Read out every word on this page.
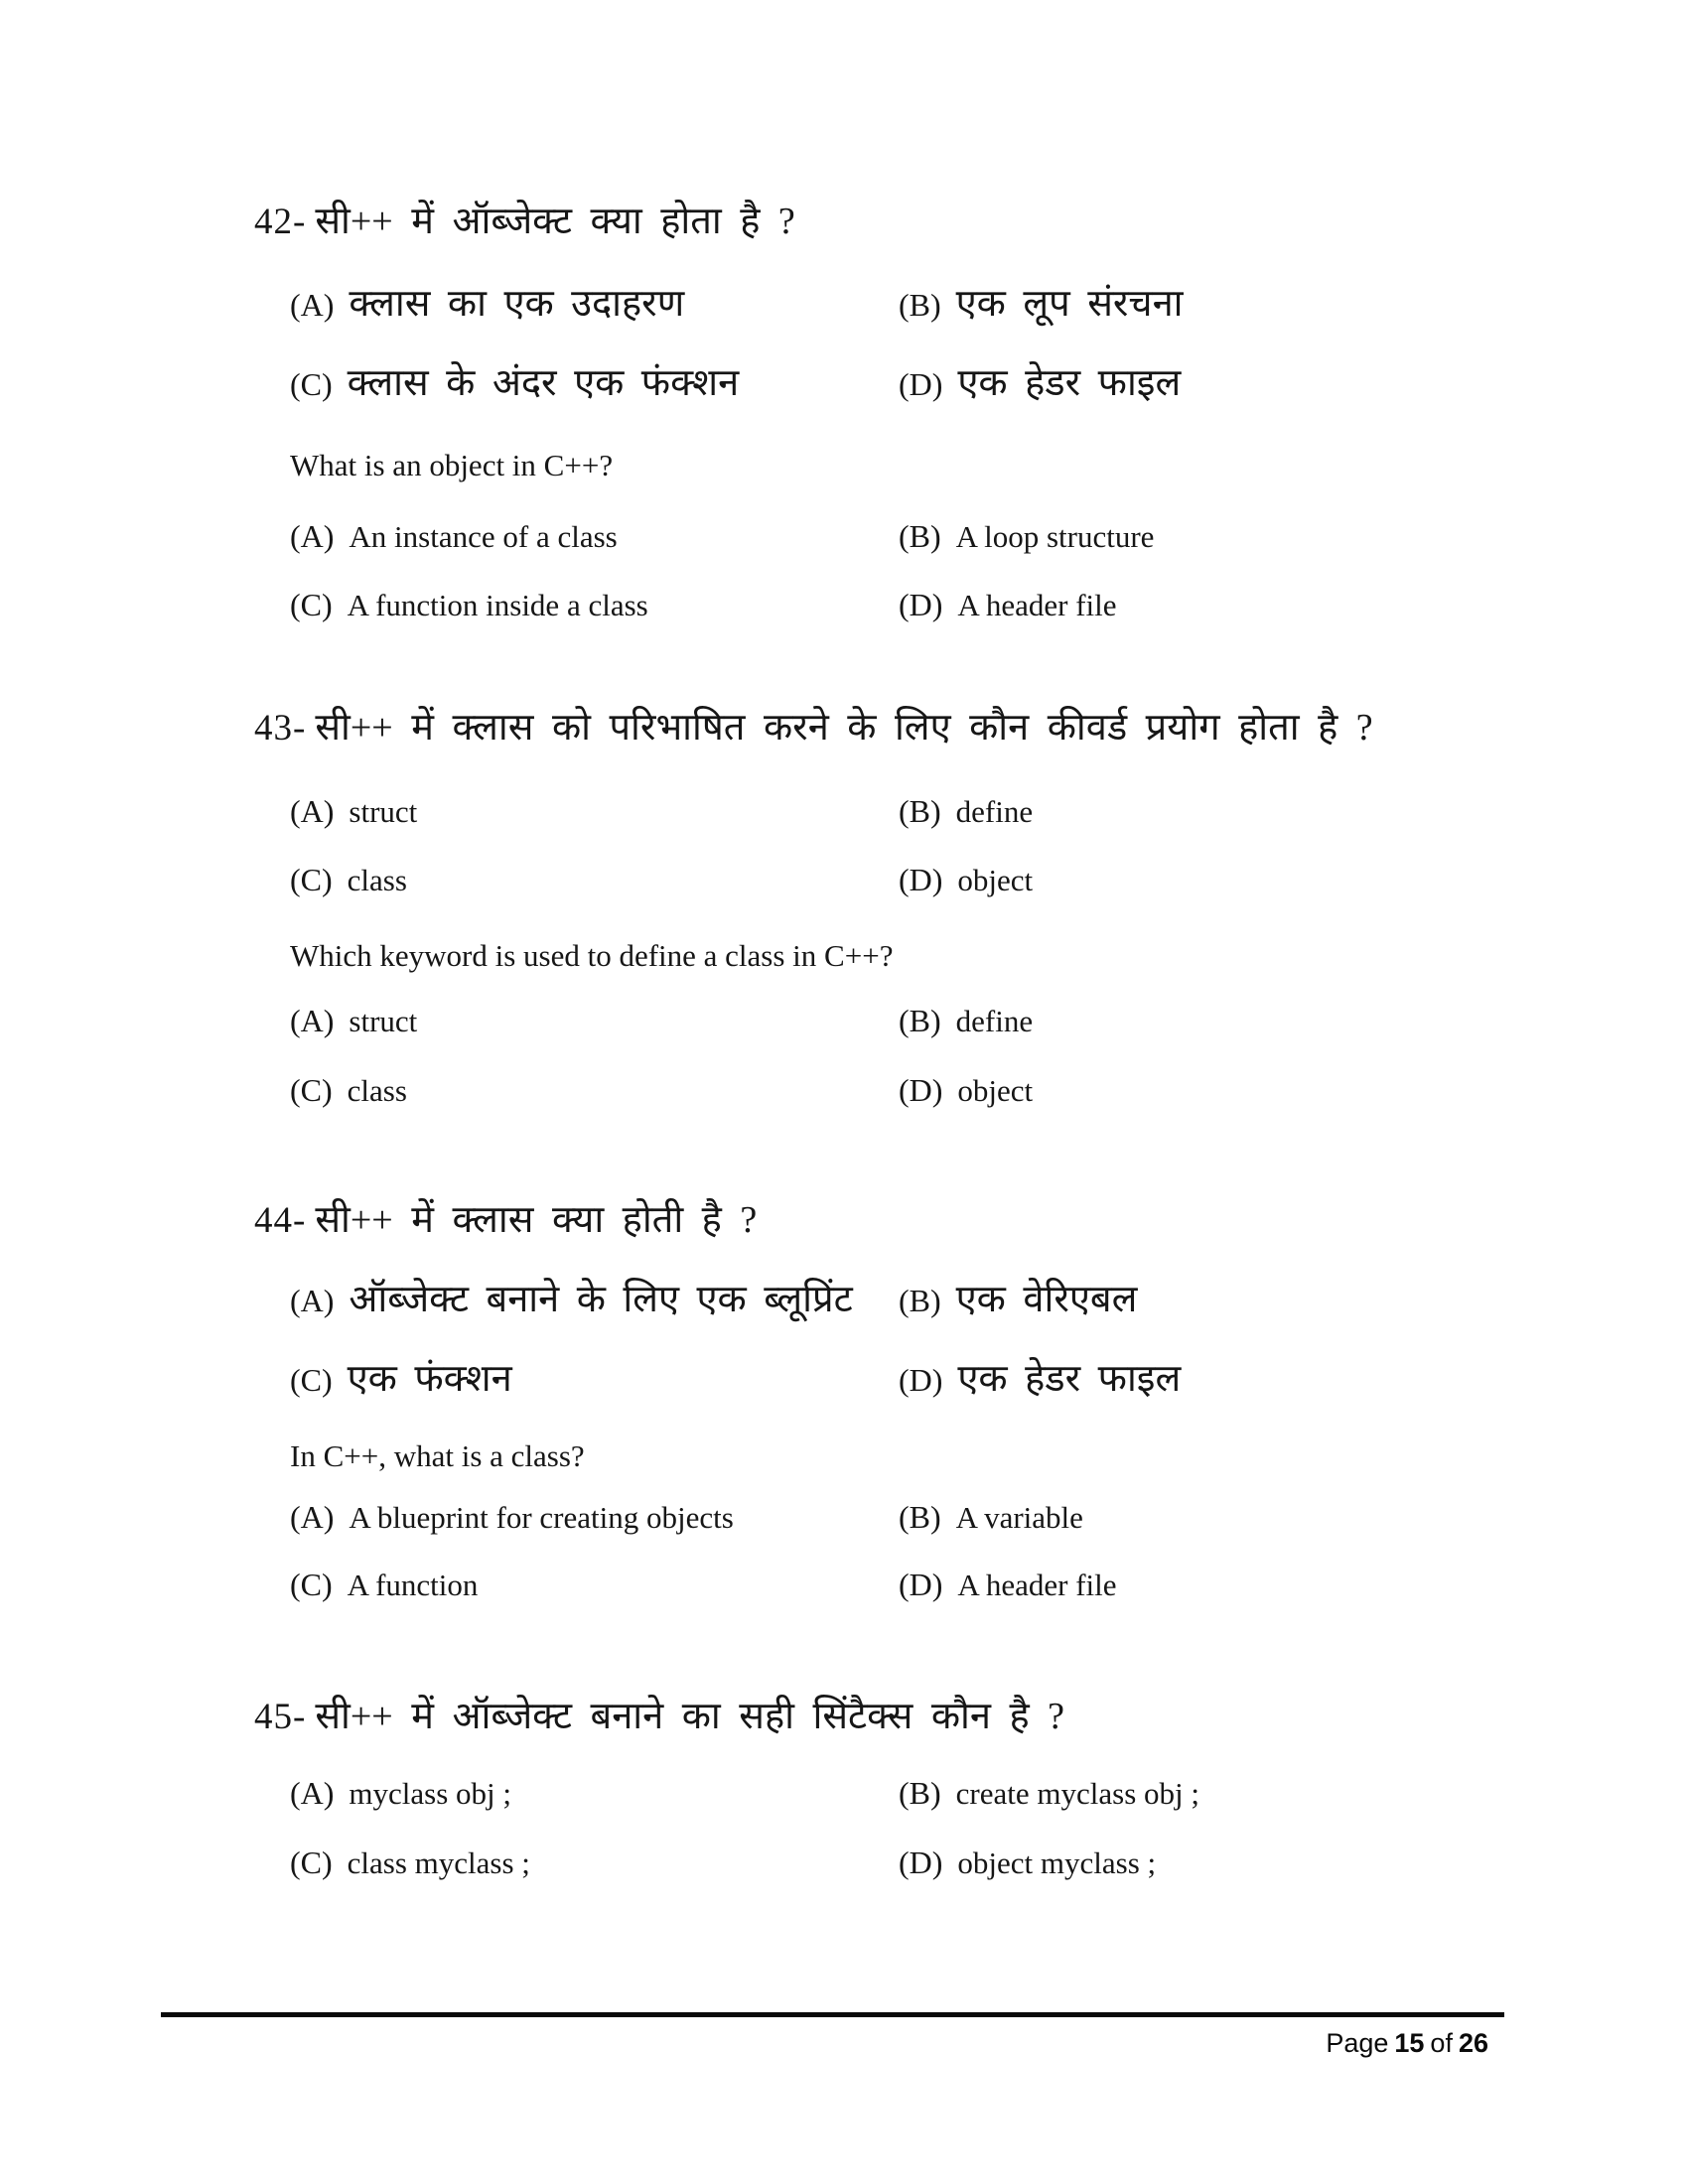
42- सी++ में ऑब्जेक्ट क्या होता है ?
(A) क्लास का एक उदाहरण	(B) एक लूप संरचना
(C) क्लास के अंदर एक फंक्शन	(D) एक हेडर फाइल
What is an object in C++?
(A) An instance of a class	(B) A loop structure
(C) A function inside a class	(D) A header file
43- सी++ में क्लास को परिभाषित करने के लिए कौन कीवर्ड प्रयोग होता है ?
(A) struct	(B) define
(C) class	(D) object
Which keyword is used to define a class in C++?
(A) struct	(B) define
(C) class	(D) object
44- सी++ में क्लास क्या होती है ?
(A) ऑब्जेक्ट बनाने के लिए एक ब्लूप्रिंट (B) एक वेरिएबल
(C) एक फंक्शन	(D) एक हेडर फाइल
In C++, what is a class?
(A) A blueprint for creating objects	(B) A variable
(C) A function	(D) A header file
45- सी++ में ऑब्जेक्ट बनाने का सही सिंटैक्स कौन है ?
(A) myclass obj ;	(B) create myclass obj ;
(C) class myclass ;	(D) object myclass ;
Page 15 of 26
